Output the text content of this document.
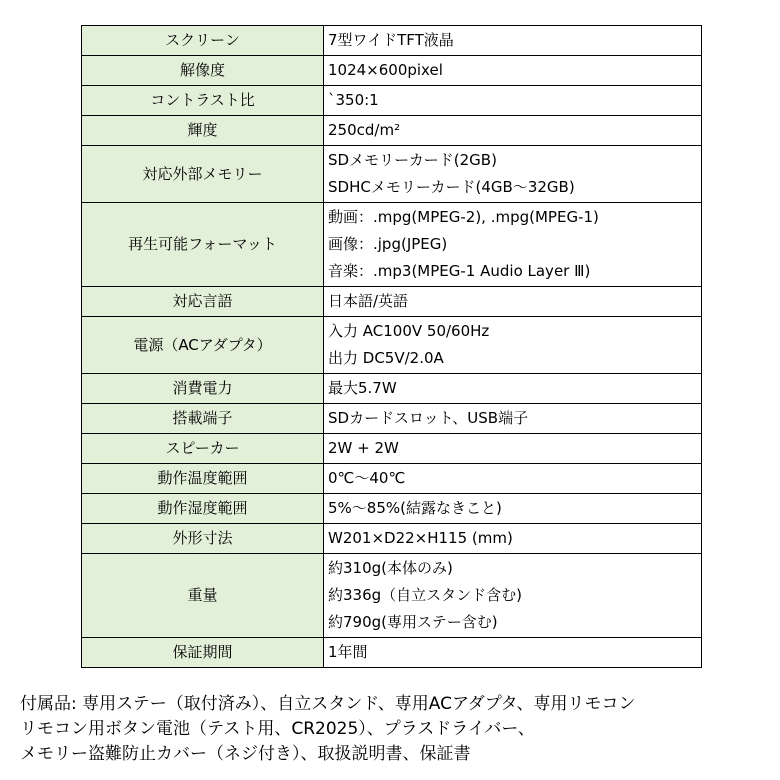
スクリーン	7型ワイドTFT液晶

解像度	1024×600pixel

コントラスト比	`350:1

輝度	250cd/m²

対応外部メモリー	SDメモリーカード(2GB)
SDHCメモリーカード(4GB～32GB)

再生可能フォーマット	動画：.mpg(MPEG-2), .mpg(MPEG-1)
画像：.jpg(JPEG)
音楽：.mp3(MPEG-1 Audio Layer Ⅲ)

対応言語	日本語/英語

電源（ACアダプタ）	入力 AC100V 50/60Hz
出力 DC5V/2.0A

消費電力	最大5.7W

搭載端子	SDカードスロット、USB端子

スピーカー	2W + 2W

動作温度範囲	0℃～40℃

動作湿度範囲	5%～85%(結露なきこと)

外形寸法	W201×D22×H115 (mm)

重量	約310g(本体のみ)
約336g（自立スタンド含む)
約790g(専用ステー含む)

保証期間	1年間
付属品: 専用ステー（取付済み）、自立スタンド、専用ACアダプタ、専用リモコン
リモコン用ボタン電池（テスト用、CR2025）、プラスドライバー、
メモリー盗難防止カバー（ネジ付き）、取扱説明書、保証書
